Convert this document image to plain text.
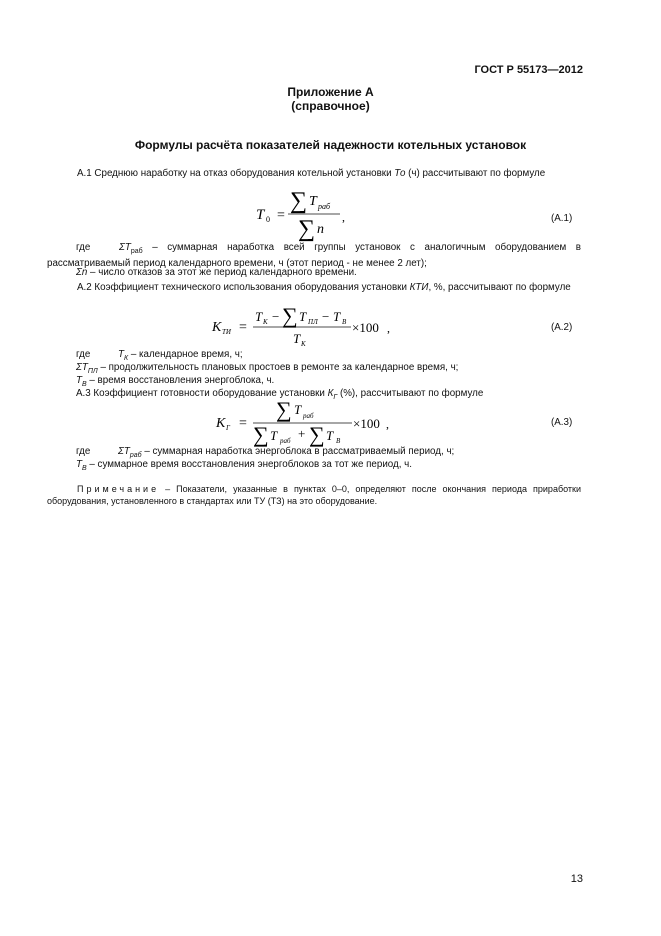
ГОСТ Р 55173—2012
Приложение А
(справочное)
Формулы расчёта показателей надежности котельных установок
А.1 Среднюю наработку на отказ оборудования котельной установки То (ч) рассчитывают по формуле
T 0 =
∑ T раб
∑ n
,	(А.1)
где	$\Sigma T_{раб}$ – суммарная наработка всей группы установок с аналогичным оборудованием в рассматриваемый период календарного времени, ч (этот период - не менее 2 лет);
Σn – число отказов за этот же период календарного времени.
А.2 Коэффициент технического использования оборудования установки КТИ, %, рассчитывают по формуле
K ТИ =
T К − ∑ T ПЛ − T В
T К
×100 ,	(А.2)
где	$T_К$ – календарное время, ч;
$\Sigma T_{ПЛ}$ – продолжительность плановых простоев в ремонте за календарное время, ч;
$T_В$ – время восстановления энергоблока, ч.
А.3 Коэффициент готовности оборудование установки $К_Г$ (%), рассчитывают по формуле
K Г =
∑ T раб
∑ T раб + ∑ T В
×100 ,	(А.3)
где	$\Sigma T_{раб}$ – суммарная наработка энергоблока в рассматриваемый период, ч;
$T_В$ – суммарное время восстановления энергоблоков за тот же период, ч.
Примечание – Показатели, указанные в пунктах 0–0, определяют после окончания периода приработки оборудования, установленного в стандартах или ТУ (ТЗ) на это оборудование.
13
